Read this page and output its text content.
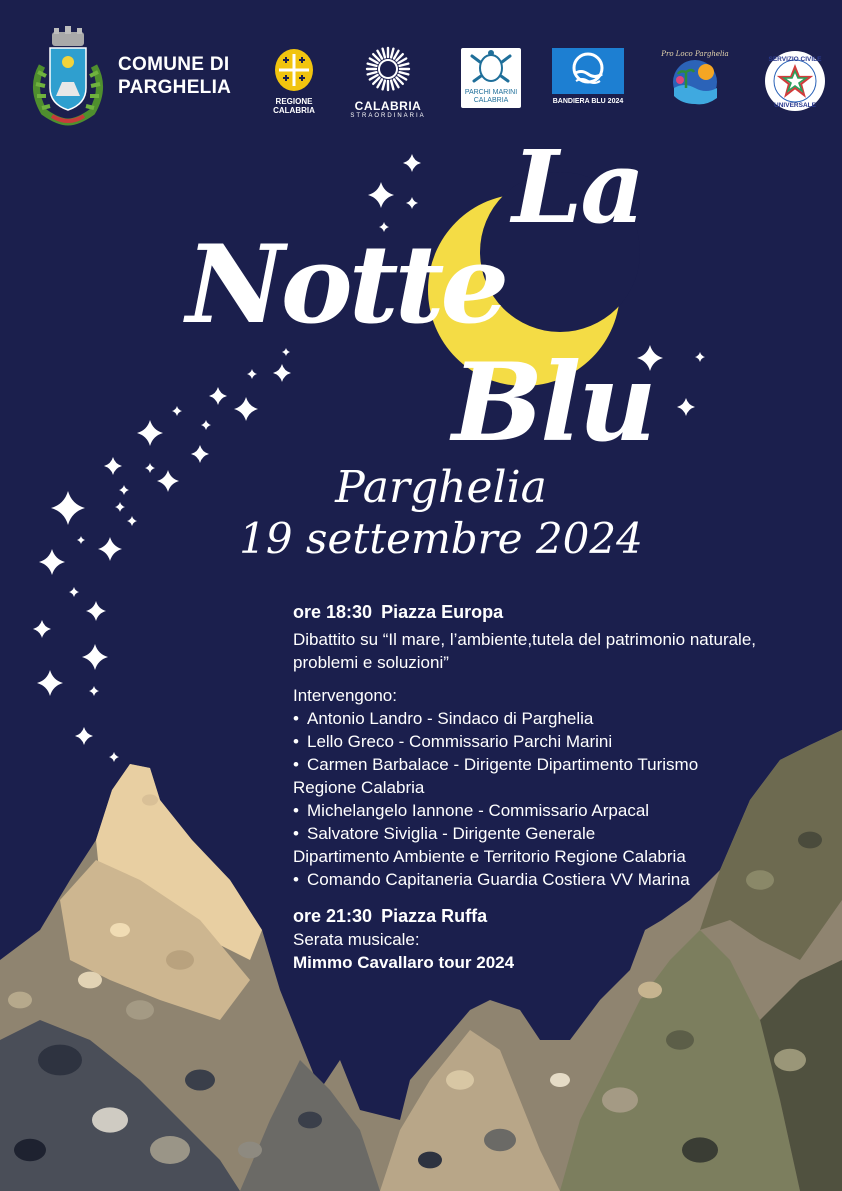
COMUNE DI
PARGHELIA
REGIONE
CALABRIA	CALABRIA
STRAORDINARIA
PARCHI MARINI
CALABRIA	BANDIERA BLU 2024
Pro Loco Parghelia
SERVIZIO CIVILE
UNIVERSALE
La
Notte
Blu
Parghelia
19 settembre 2024
ore 18:30 Piazza Europa
Dibattito su “Il mare, l’ambiente,tutela del patrimonio naturale, problemi e soluzioni”
Intervengono:
• Antonio Landro - Sindaco di Parghelia
• Lello Greco - Commissario Parchi Marini
• Carmen Barbalace - Dirigente Dipartimento Turismo
Regione Calabria
• Michelangelo Iannone - Commissario Arpacal
• Salvatore Siviglia - Dirigente Generale
Dipartimento Ambiente e Territorio Regione Calabria
• Comando Capitaneria Guardia Costiera VV Marina
ore 21:30 Piazza Ruffa
Serata musicale:
Mimmo Cavallaro tour 2024
